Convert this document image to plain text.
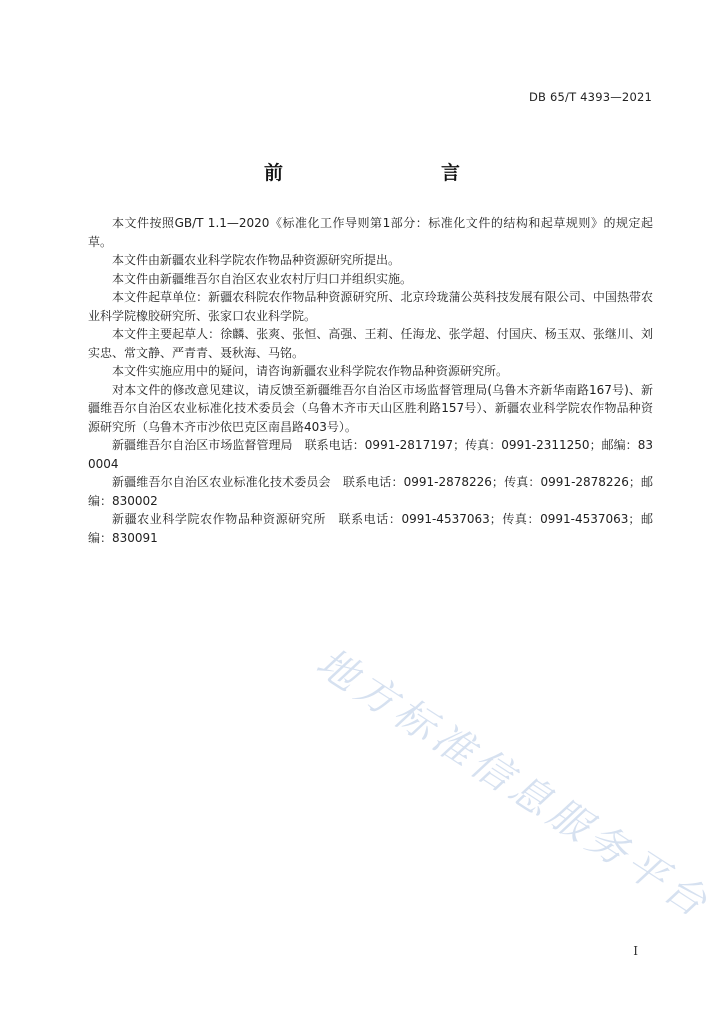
DB 65/T 4393—2021
前　　言

本文件按照GB/T 1.1—2020《标准化工作导则第1部分：标准化文件的结构和起草规则》的规定起草。

本文件由新疆农业科学院农作物品种资源研究所提出。

本文件由新疆维吾尔自治区农业农村厅归口并组织实施。

本文件起草单位：新疆农科院农作物品种资源研究所、北京玲珑蒲公英科技发展有限公司、中国热带农业科学院橡胶研究所、张家口农业科学院。

本文件主要起草人：徐麟、张爽、张恒、高强、王莉、任海龙、张学超、付国庆、杨玉双、张继川、刘实忠、常文静、严青青、聂秋海、马铭。

本文件实施应用中的疑问，请咨询新疆农业科学院农作物品种资源研究所。

对本文件的修改意见建议，请反馈至新疆维吾尔自治区市场监督管理局(乌鲁木齐新华南路167号)、新疆维吾尔自治区农业标准化技术委员会（乌鲁木齐市天山区胜利路157号）、新疆农业科学院农作物品种资源研究所（乌鲁木齐市沙依巴克区南昌路403号）。

新疆维吾尔自治区市场监督管理局　联系电话：0991-2817197；传真：0991-2311250；邮编：830004

新疆维吾尔自治区农业标准化技术委员会　联系电话：0991-2878226；传真：0991-2878226；邮编：830002

新疆农业科学院农作物品种资源研究所　联系电话：0991-4537063；传真：0991-4537063；邮编：830091

地方标准信息服务平台
I
